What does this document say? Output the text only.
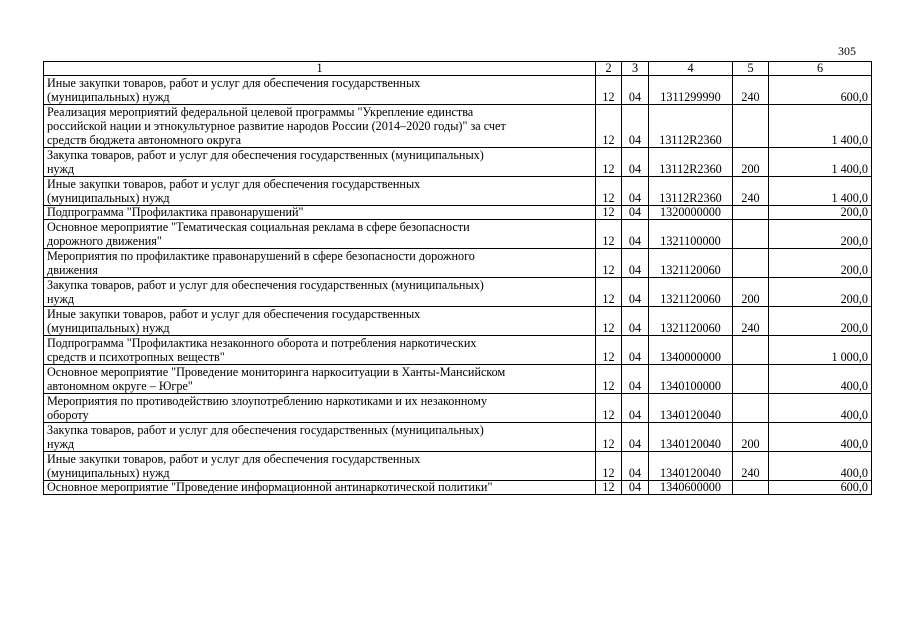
305
1	2	3	4	5	6
Иные закупки товаров, работ и услуг для обеспечения государственных
(муниципальных) нужд	12	04	1311299990	240	600,0
Реализация мероприятий федеральной целевой программы "Укрепление единства
российской нации и этнокультурное развитие народов России (2014–2020 годы)" за счет
средств бюджета автономного округа	12	04	13112R2360		1 400,0
Закупка товаров, работ и услуг для обеспечения государственных (муниципальных)
нужд	12	04	13112R2360	200	1 400,0
Иные закупки товаров, работ и услуг для обеспечения государственных
(муниципальных) нужд	12	04	13112R2360	240	1 400,0
Подпрограмма "Профилактика правонарушений"	12	04	1320000000		200,0
Основное мероприятие "Тематическая социальная реклама в сфере безопасности
дорожного движения"	12	04	1321100000		200,0
Мероприятия по профилактике правонарушений в сфере безопасности дорожного
движения	12	04	1321120060		200,0
Закупка товаров, работ и услуг для обеспечения государственных (муниципальных)
нужд	12	04	1321120060	200	200,0
Иные закупки товаров, работ и услуг для обеспечения государственных
(муниципальных) нужд	12	04	1321120060	240	200,0
Подпрограмма "Профилактика незаконного оборота и потребления наркотических
средств и психотропных веществ"	12	04	1340000000		1 000,0
Основное мероприятие "Проведение мониторинга наркоситуации в Ханты-Мансийском
автономном округе – Югре"	12	04	1340100000		400,0
Мероприятия по противодействию злоупотреблению наркотиками и их незаконному
обороту	12	04	1340120040		400,0
Закупка товаров, работ и услуг для обеспечения государственных (муниципальных)
нужд	12	04	1340120040	200	400,0
Иные закупки товаров, работ и услуг для обеспечения государственных
(муниципальных) нужд	12	04	1340120040	240	400,0
Основное мероприятие "Проведение информационной антинаркотической политики"	12	04	1340600000		600,0
